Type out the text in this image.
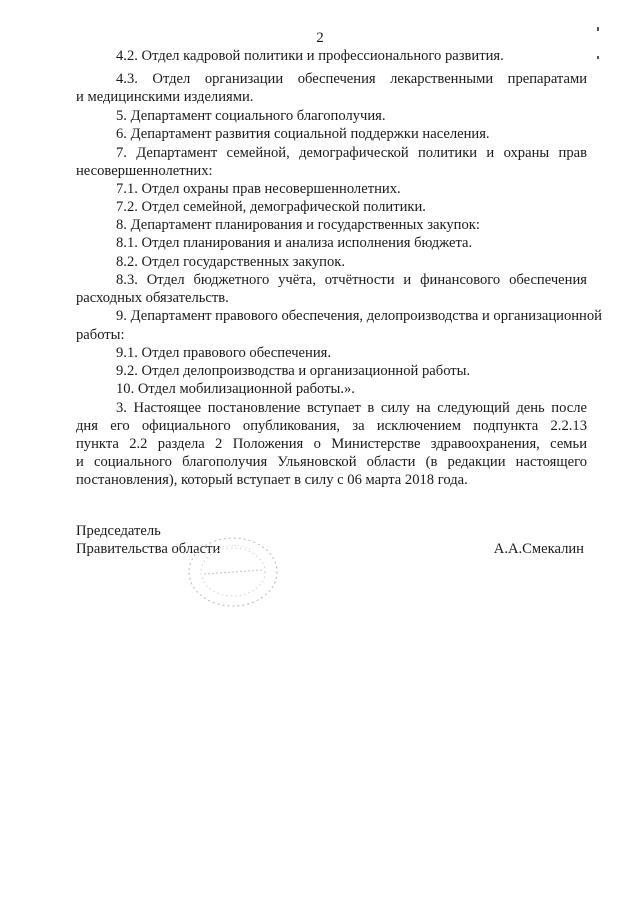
2
4.2. Отдел кадровой политики и профессионального развития.
4.3. Отдел организации обеспечения лекарственными препаратами
и медицинскими изделиями.
5. Департамент социального благополучия.
6. Департамент развития социальной поддержки населения.
7. Департамент семейной, демографической политики и охраны прав
несовершеннолетних:
7.1. Отдел охраны прав несовершеннолетних.
7.2. Отдел семейной, демографической политики.
8. Департамент планирования и государственных закупок:
8.1. Отдел планирования и анализа исполнения бюджета.
8.2. Отдел государственных закупок.
8.3. Отдел бюджетного учёта, отчётности и финансового обеспечения
расходных обязательств.
9. Департамент правового обеспечения, делопроизводства и организационной
работы:
9.1. Отдел правового обеспечения.
9.2. Отдел делопроизводства и организационной работы.
10. Отдел мобилизационной работы.».
3. Настоящее постановление вступает в силу на следующий день после
дня его официального опубликования, за исключением подпункта 2.2.13
пункта 2.2 раздела 2 Положения о Министерстве здравоохранения, семьи
и социального благополучия Ульяновской области (в редакции настоящего
постановления), который вступает в силу с 06 марта 2018 года.
Председатель
Правительства области	А.А.Смекалин
